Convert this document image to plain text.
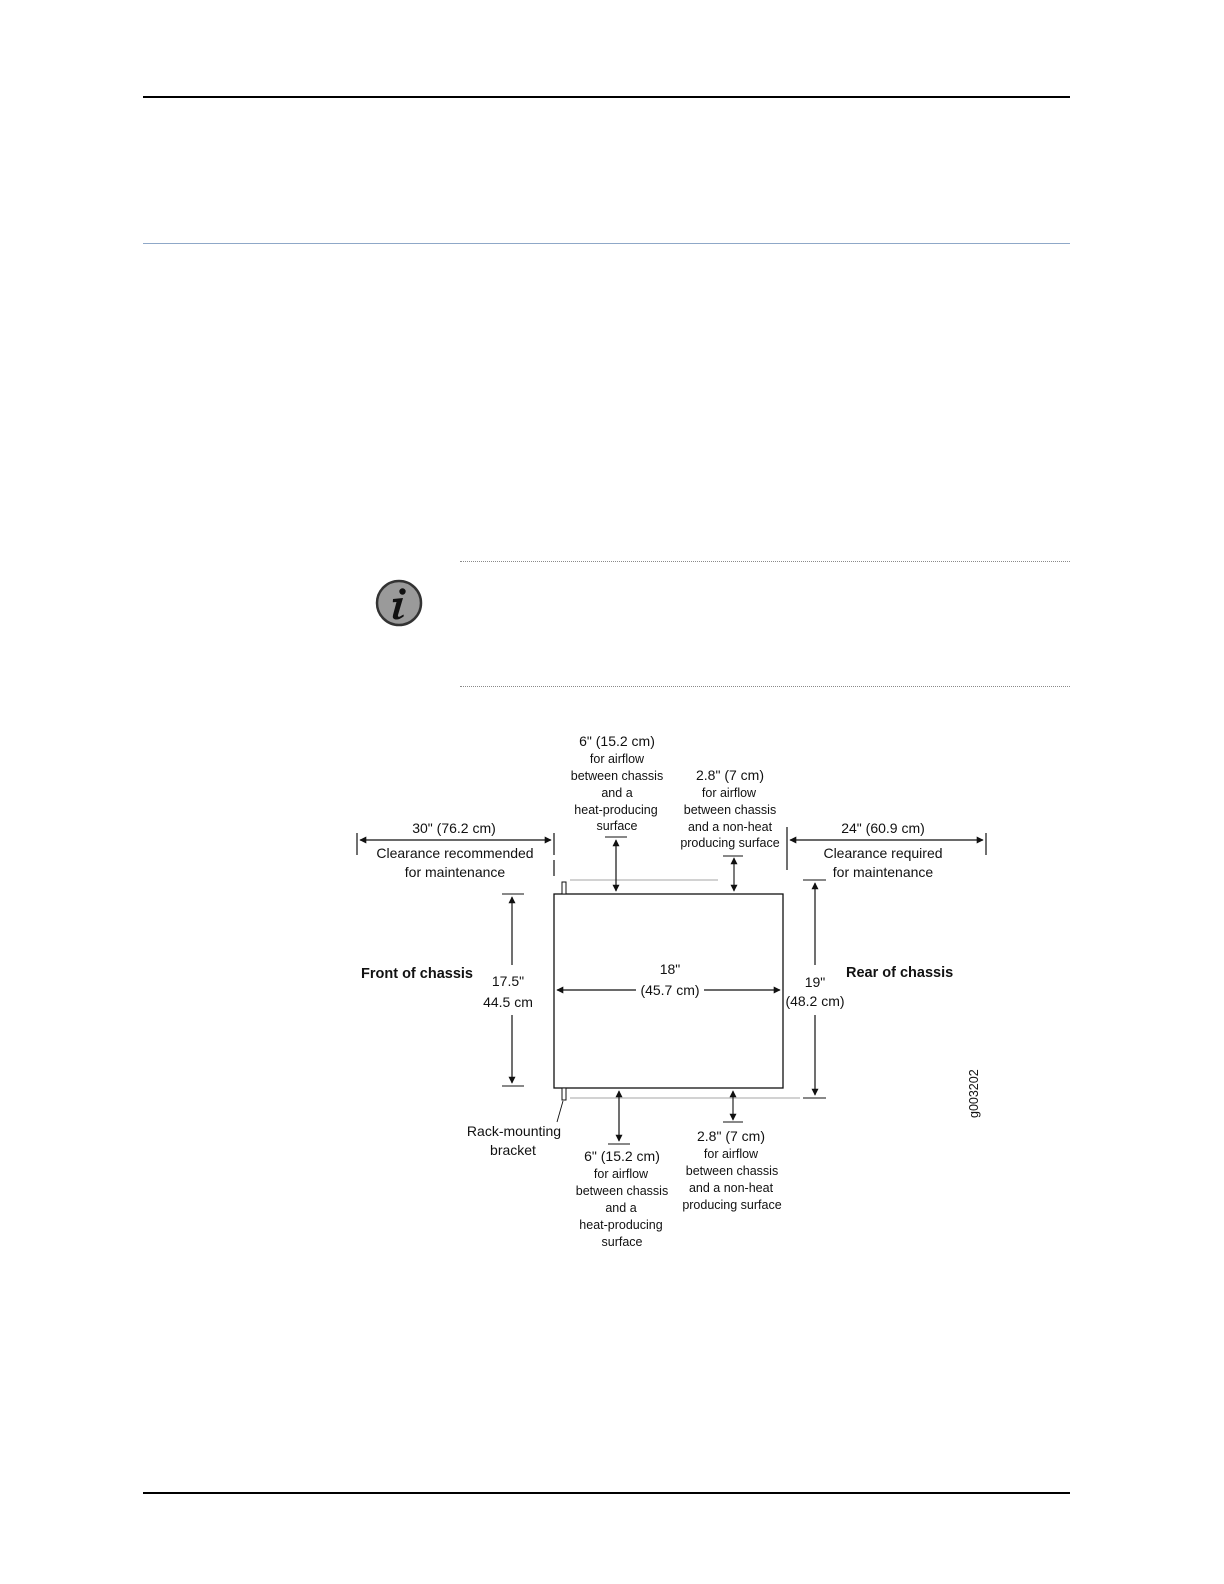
6" (15.2 cm)
for airflow
between chassis
and a
heat-producing
surface
2.8" (7 cm)
for airflow
between chassis
and a non-heat
producing surface
30" (76.2 cm)
Clearance recommended
for maintenance
24" (60.9 cm)
Clearance required
for maintenance
Front of chassis	Rear of chassis
17.5"
44.5 cm
18"
(45.7 cm)	19"
(48.2 cm)
g003202
Rack-mounting
bracket	6" (15.2 cm)
for airflow
between chassis
and a
heat-producing
surface
2.8" (7 cm)
for airflow
between chassis
and a non-heat
producing surface
